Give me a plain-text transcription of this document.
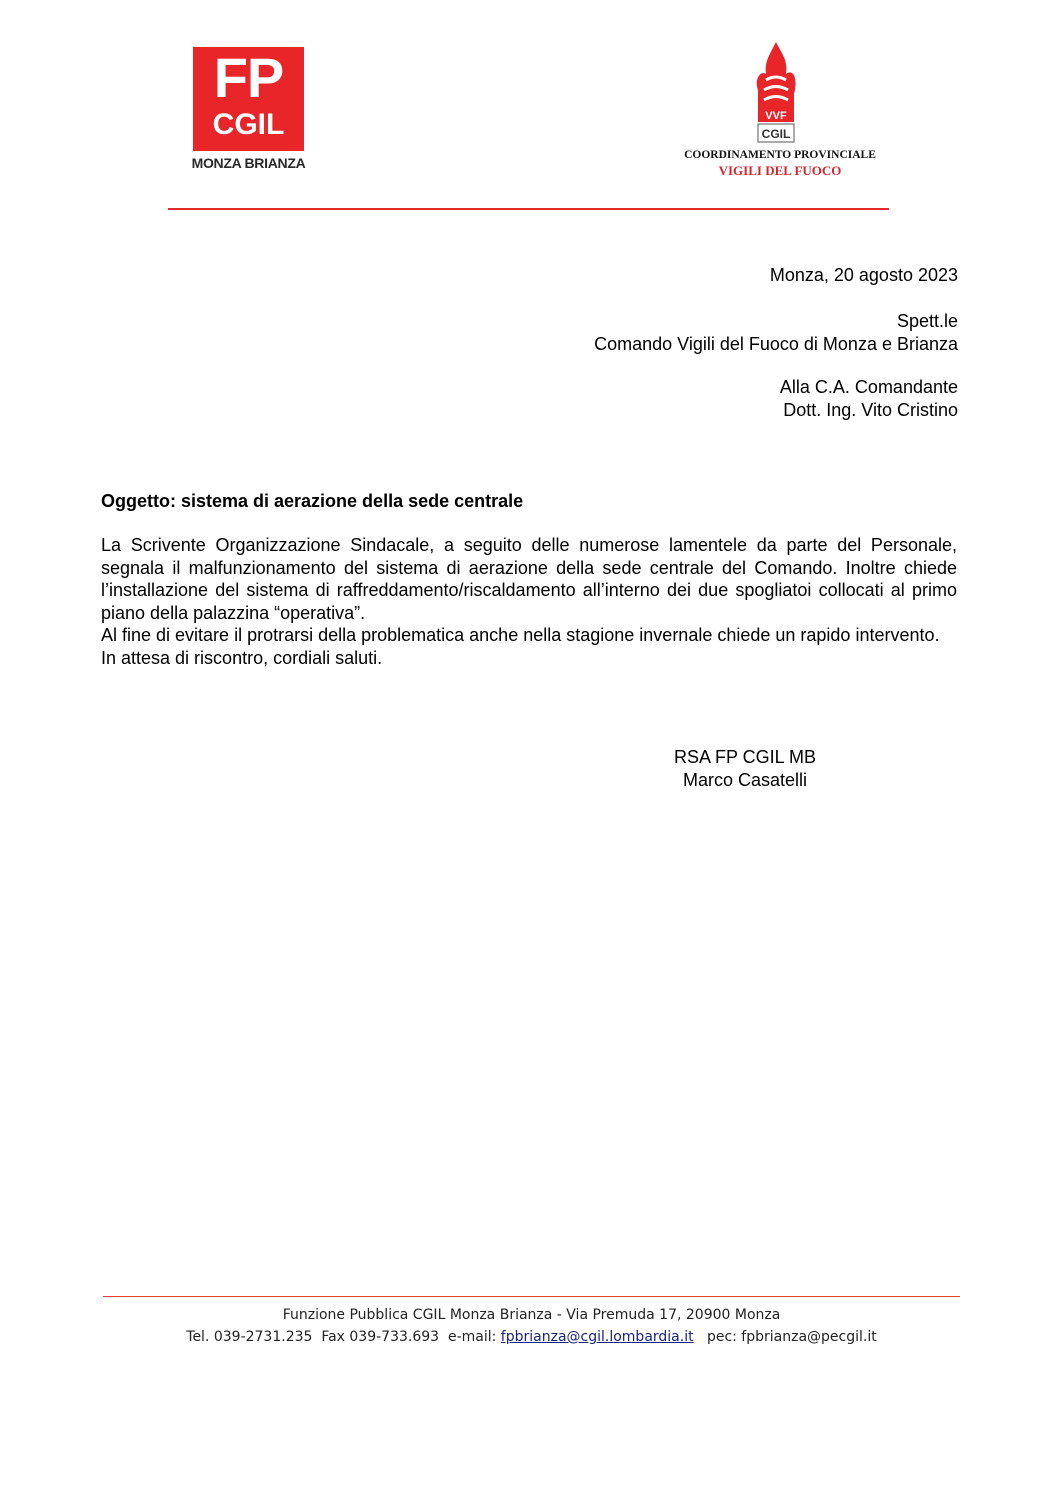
FP
CGIL
MONZA BRIANZA
VVF
CGIL
COORDINAMENTO PROVINCIALE
VIGILI DEL FUOCO
Monza, 20 agosto 2023
Spett.le
Comando Vigili del Fuoco di Monza e Brianza
Alla C.A. Comandante
Dott. Ing. Vito Cristino
Oggetto: sistema di aerazione della sede centrale

La Scrivente Organizzazione Sindacale, a seguito delle numerose lamentele da parte del Personale, segnala il malfunzionamento del sistema di aerazione della sede centrale del Comando. Inoltre chiede l’installazione del sistema di raffreddamento/riscaldamento all’interno dei due spogliatoi collocati al primo piano della palazzina “operativa”.

Al fine di evitare il protrarsi della problematica anche nella stagione invernale chiede un rapido intervento.

In attesa di riscontro, cordiali saluti.

RSA FP CGIL MB
Marco Casatelli
Funzione Pubblica CGIL Monza Brianza - Via Premuda 17, 20900 Monza
Tel. 039-2731.235  Fax 039-733.693  e-mail: fpbrianza@cgil.lombardia.it   pec: fpbrianza@pecgil.it
